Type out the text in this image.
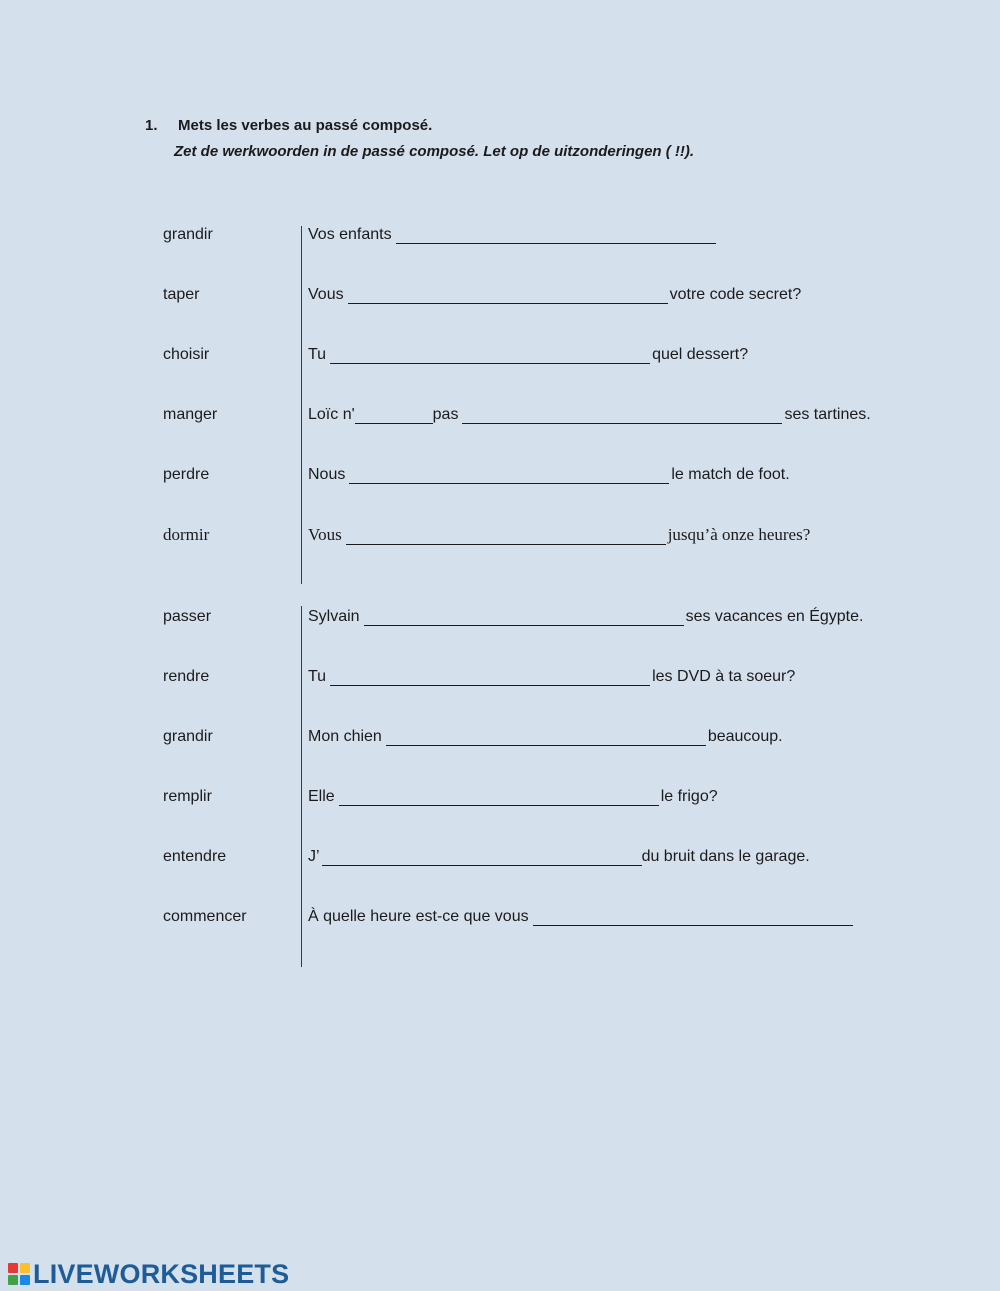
1. Mets les verbes au passé composé.
Zet de werkwoorden in de passé composé. Let op de uitzonderingen ( !!).
grandir	Vos enfants
taper	Vous	votre code secret?
choisir	Tu	quel dessert?
manger	Loïc n'	pas	ses tartines.
perdre	Nous	le match de foot.
dormir	Vous	jusqu’à onze heures?
passer	Sylvain	ses vacances en Égypte.
rendre	Tu	les DVD à ta soeur?
grandir	Mon chien	beaucoup.
remplir	Elle	le frigo?
entendre	J’	du bruit dans le garage.
commencer	À quelle heure est-ce que vous
LIVEWORKSHEETS
